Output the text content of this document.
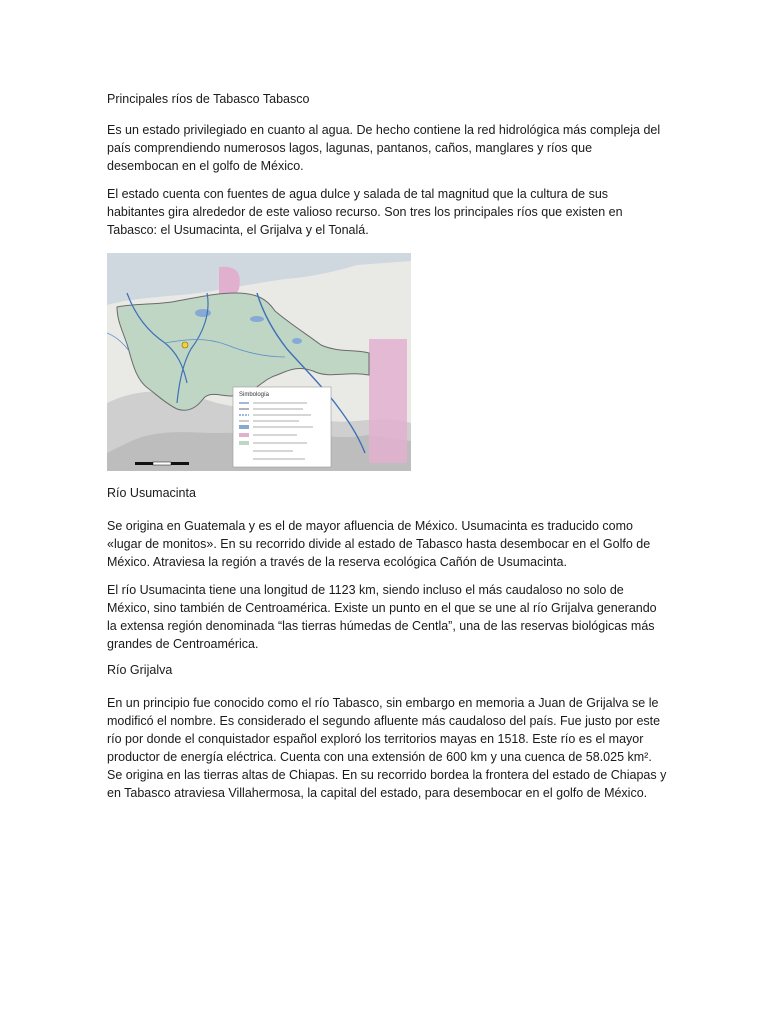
Principales ríos de Tabasco Tabasco

Es un estado privilegiado en cuanto al agua. De hecho contiene la red hidrológica más compleja del país comprendiendo numerosos lagos, lagunas, pantanos, caños, manglares y ríos que desembocan en el golfo de México.

El estado cuenta con fuentes de agua dulce y salada de tal magnitud que la cultura de sus habitantes gira alrededor de este valioso recurso. Son tres los principales ríos que existen en Tabasco: el Usumacinta, el Grijalva y el Tonalá.

Simbología

Río Usumacinta

Se origina en Guatemala y es el de mayor afluencia de México. Usumacinta es traducido como «lugar de monitos». En su recorrido divide al estado de Tabasco hasta desembocar en el Golfo de México. Atraviesa la región a través de la reserva ecológica Cañón de Usumacinta.

El río Usumacinta tiene una longitud de 1123 km, siendo incluso el más caudaloso no solo de México, sino también de Centroamérica. Existe un punto en el que se une al río Grijalva generando la extensa región denominada “las tierras húmedas de Centla”, una de las reservas biológicas más grandes de Centroamérica.

Río Grijalva

En un principio fue conocido como el río Tabasco, sin embargo en memoria a Juan de Grijalva se le modificó el nombre. Es considerado el segundo afluente más caudaloso del país. Fue justo por este río por donde el conquistador español exploró los territorios mayas en 1518. Este río es el mayor productor de energía eléctrica. Cuenta con una extensión de 600 km y una cuenca de 58.025 km². Se origina en las tierras altas de Chiapas. En su recorrido bordea la frontera del estado de Chiapas y en Tabasco atraviesa Villahermosa, la capital del estado, para desembocar en el golfo de México.
